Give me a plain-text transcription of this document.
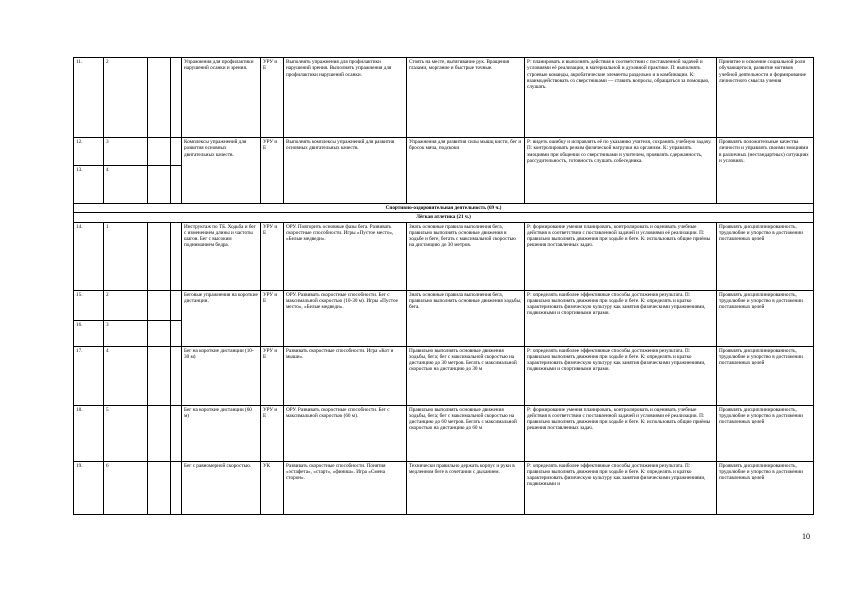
11.	2			Упражнения для профилактики нарушений осанки и зрения.	УРУ и Е	Выполнять упражнения для профилактики нарушений зрения. Выполнять упражнения для профилактики нарушений осанки.	Стоять на месте, вытягивание рук. Вращения глазами, моргание и быстрые точные.	Р: планировать и выполнять действия в соответствии с поставленной задачей и условиями её реализации, в материальной и духовной практике. П: выполнять строевые команды, акробатические элементы раздельно и в комбинации. К: взаимодействовать со сверстниками — ставить вопросы, обращаться за помощью, слушать.	Принятие и освоение социальной роли обучающегося, развитие мотивов учебной деятельности и формирование личностного смысла учения
12.	3			Комплексы упражнений для развития основных двигательных качеств.	УРУ и Е	Выполнять комплексы упражнений для развития основных двигательных качеств.	Упражнения для развития силы мышц кисти, бег и бросок мяча, подскоки	Р: видеть ошибку и исправлять её по указанию учителя, сохранять учебную задачу. П: контролировать режим физической нагрузки на организм. К: управлять эмоциями при общении со сверстниками и учителем, проявлять сдержанность, рассудительность, готовность слушать собеседника.	Проявлять положительные качества личности и управлять своими эмоциями в различных (нестандартных) ситуациях и условиях.
13.	4								
Спортивно-оздоровительная деятельность (69 ч.)									
Лёгкая атлетика (21 ч.)									
14.	1			Инструктаж по ТБ. Ходьба и бег с изменением длины и частоты шагов. Бег с высоким подниманием бедра.	УРУ и Е	ОРУ. Повторить основные фазы бега. Развивать скоростные способности. Игры «Пустое место», «Белые медведи».	Знать основные правила выполнения бега, правильно выполнять основные движения в ходьбе и беге, бегать с максимальной скоростью на дистанцию до 30 метров.	Р: формирование умения планировать, контролировать и оценивать учебные действия в соответствии с поставленной задачей и условиями её реализации. П: правильно выполнять движения при ходьбе и беге. К: использовать общие приёмы решения поставленных задач.	Проявлять дисциплинированность, трудолюбие и упорство в достижении поставленных целей
15.	2			Беговые упражнения на короткие дистанции.	УРУ и Е	ОРУ. Развивать скоростные способности. Бег с максимальной скоростью (10-30 м). Игры «Пустое место», «Белые медведи».	Знать основные правила выполнения бега, правильно выполнять основные движения ходьбы, бега.	Р: определять наиболее эффективные способы достижения результата. П: правильно выполнять движения при ходьбе и беге. К: определять и кратко характеризовать физическую культуру как занятия физическими упражнениями, подвижными и спортивными играми.	Проявлять дисциплинированность, трудолюбие и упорство в достижении поставленных целей
16.	3								
17.	4			Бег на короткие дистанции (10-30 м)	УРУ и Е	Развивать скоростные способности. Игра «Кот и мыши».	Правильно выполнять основные движения ходьбы, бега; бег с максимальной скоростью на дистанцию до 30 метров. Бегать с максимальной скоростью на дистанцию до 30 м	Р: определять наиболее эффективные способы достижения результата. П: правильно выполнять движения при ходьбе и беге. К: определять и кратко характеризовать физическую культуру как занятия физическими упражнениями, подвижными и спортивными играми.	Проявлять дисциплинированность, трудолюбие и упорство в достижении поставленных целей
18.	5			Бег на короткие дистанции (60 м)	УРУ и Е	ОРУ. Развивать скоростные способности. Бег с максимальной скоростью (60 м).	Правильно выполнять основные движения ходьбы, бега; бег с максимальной скоростью на дистанцию до 60 метров. Бегать с максимальной скоростью на дистанцию до 60 м	Р: формирование умения планировать, контролировать и оценивать учебные действия в соответствии с поставленной задачей и условиями её реализации. П: правильно выполнять движения при ходьбе и беге. К: использовать общие приёмы решения поставленных задач.	Проявлять дисциплинированность, трудолюбие и упорство в достижении поставленных целей
19.	6			Бег с равномерной скоростью.	УК	Развивать скоростные способности. Понятия «эстафета», «старт», «финиш». Игра «Смена сторон».	Технически правильно держать корпус и руки в медленном беге в сочетании с дыханием.	Р: определять наиболее эффективные способы достижения результата. П: правильно выполнять движения при ходьбе и беге. К: определять и кратко характеризовать физическую культуру как занятия физическими упражнениями, подвижными и	Проявлять дисциплинированность, трудолюбие и упорство в достижении поставленных целей
10
